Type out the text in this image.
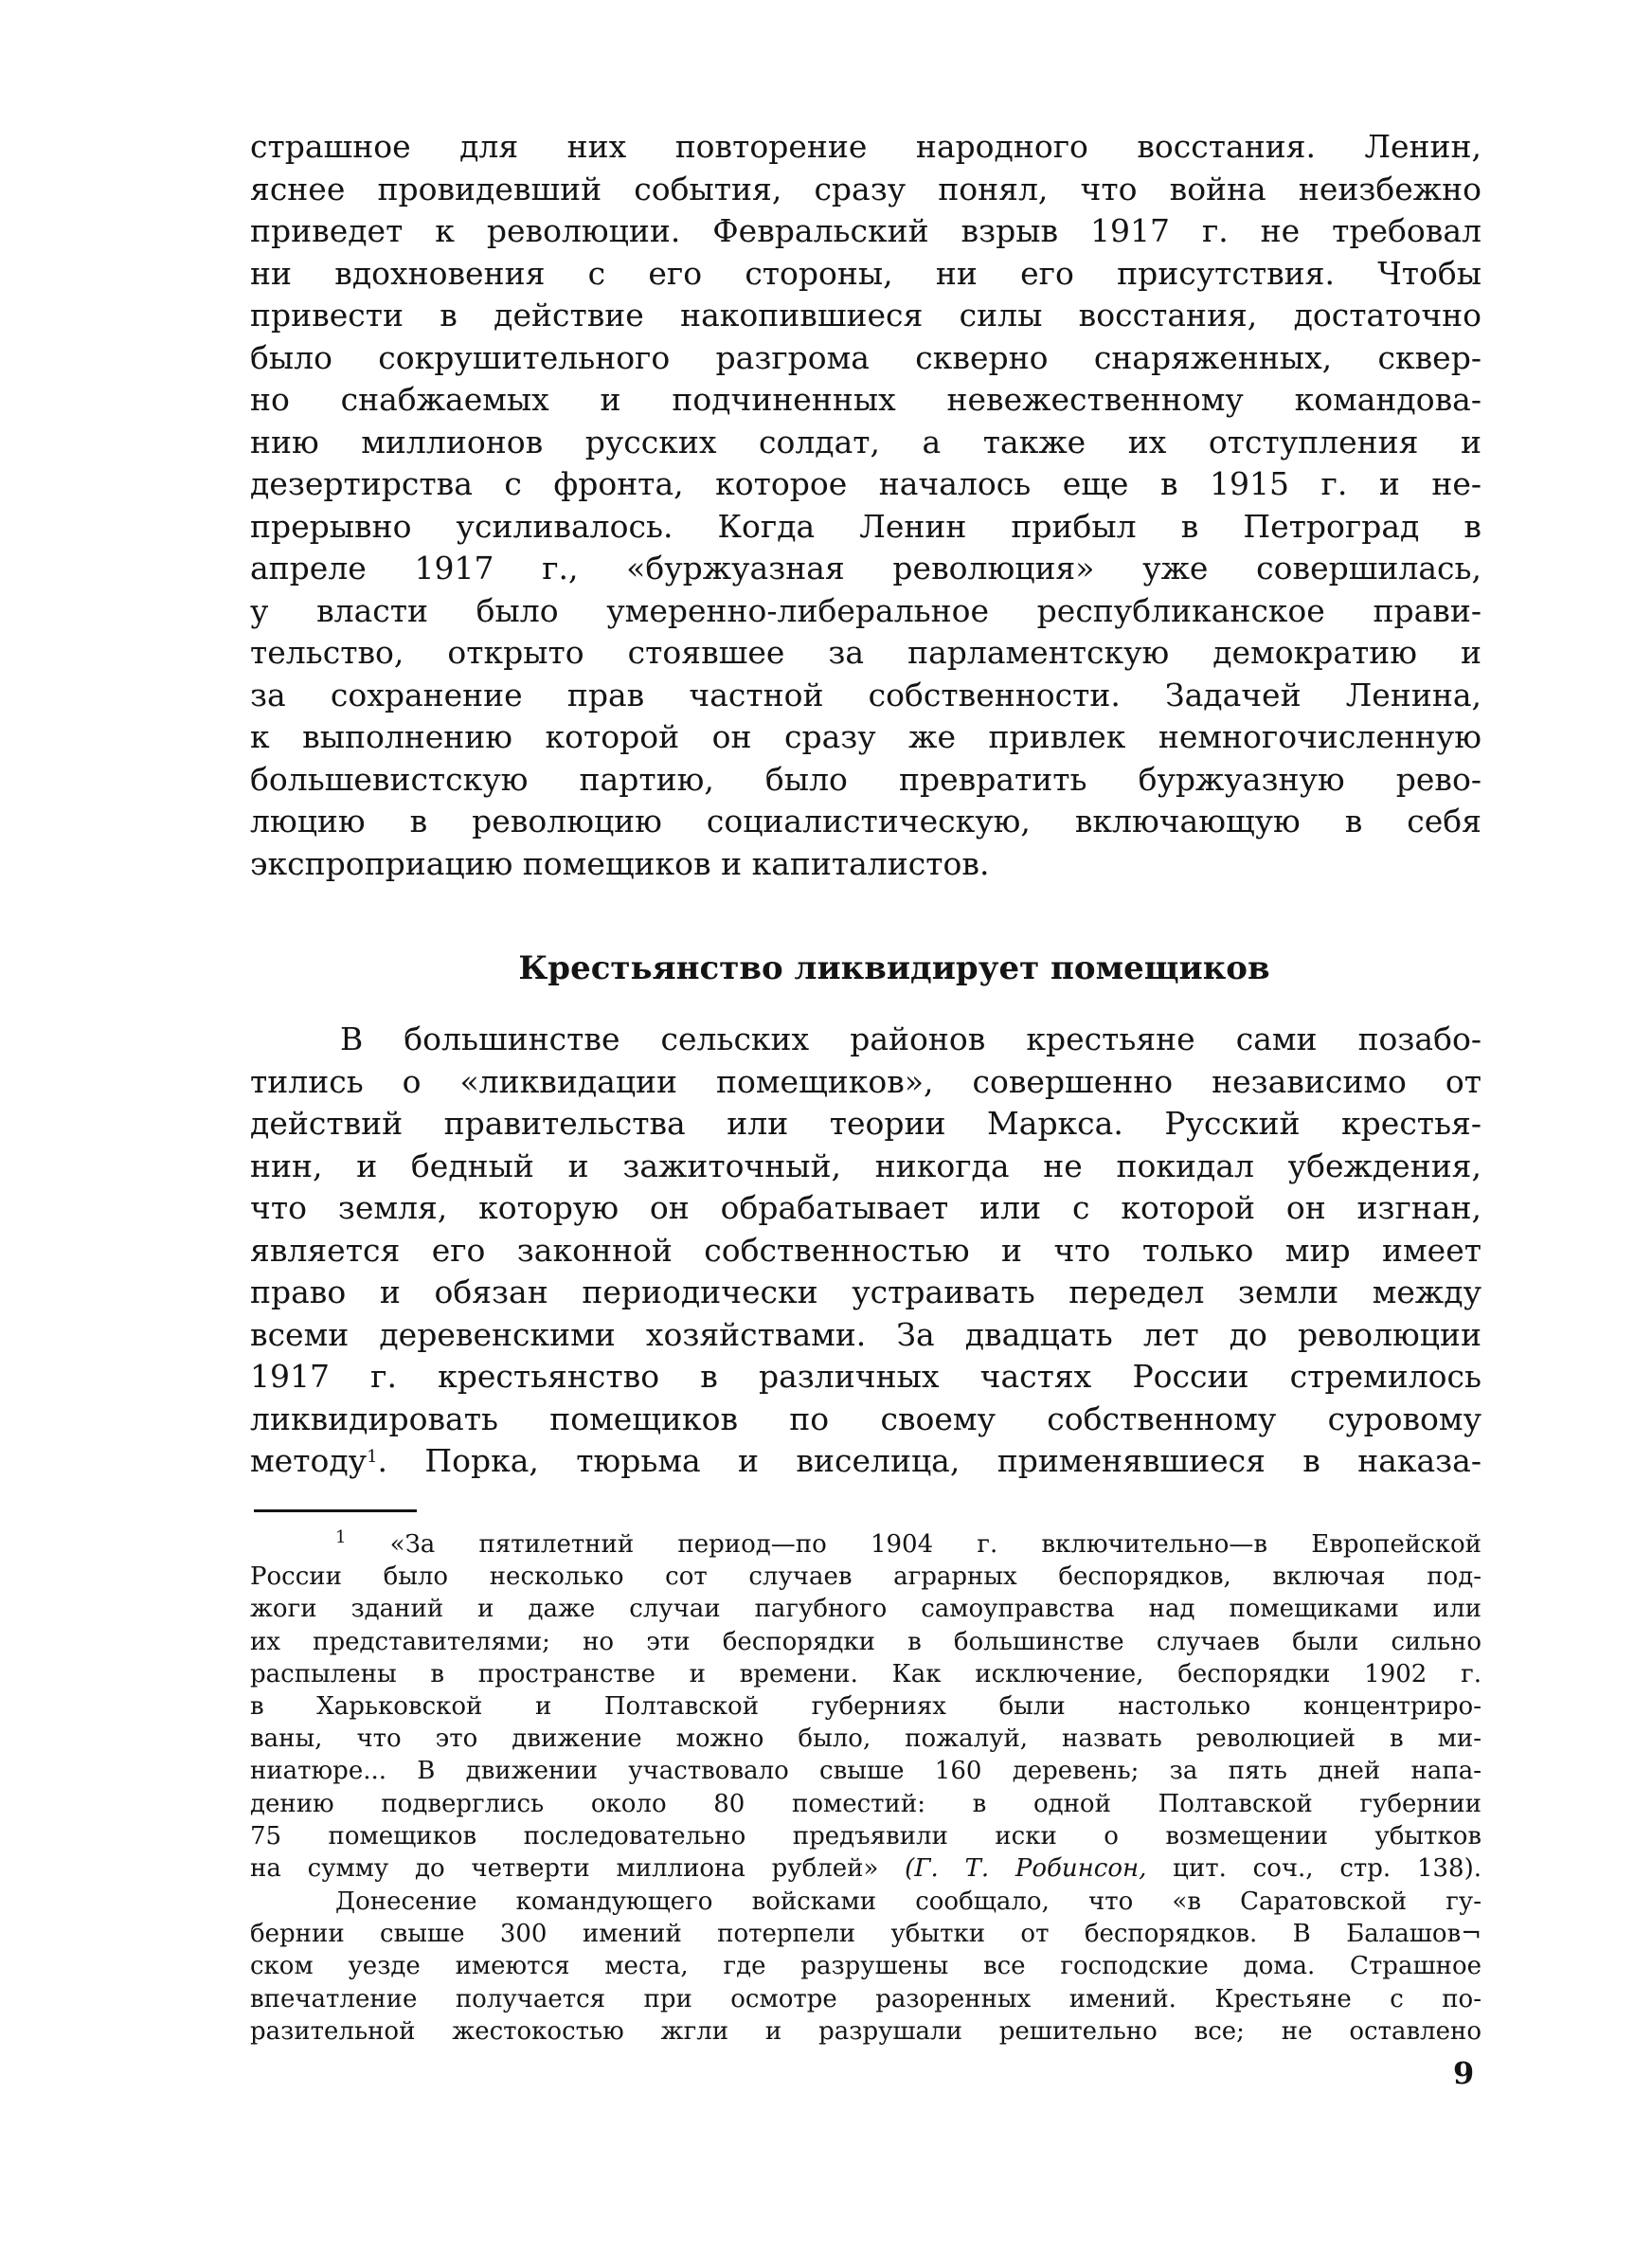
страшное для них повторение народного восстания. Ленин,
яснее провидевший события, сразу понял, что война неизбежно
приведет к революции. Февральский взрыв 1917 г. не требовал
ни вдохновения с его стороны, ни его присутствия. Чтобы
привести в действие накопившиеся силы восстания, достаточно
было сокрушительного разгрома скверно снаряженных, сквер-
но снабжаемых и подчиненных невежественному командова-
нию миллионов русских солдат, а также их отступления и
дезертирства с фронта, которое началось еще в 1915 г. и не-
прерывно усиливалось. Когда Ленин прибыл в Петроград в
апреле 1917 г., «буржуазная революция» уже совершилась,
у власти было умеренно-либеральное республиканское прави-
тельство, открыто стоявшее за парламентскую демократию и
за сохранение прав частной собственности. Задачей Ленина,
к выполнению которой он сразу же привлек немногочисленную
большевистскую партию, было превратить буржуазную рево-
люцию в революцию социалистическую, включающую в себя
экспроприацию помещиков и капиталистов.
Крестьянство ликвидирует помещиков
В большинстве сельских районов крестьяне сами позабо-
тились о «ликвидации помещиков», совершенно независимо от
действий правительства или теории Маркса. Русский крестья-
нин, и бедный и зажиточный, никогда не покидал убеждения,
что земля, которую он обрабатывает или с которой он изгнан,
является его законной собственностью и что только мир имеет
право и обязан периодически устраивать передел земли между
всеми деревенскими хозяйствами. За двадцать лет до революции
1917 г. крестьянство в различных частях России стремилось
ликвидировать помещиков по своему собственному суровому
методу$^1$. Порка, тюрьма и виселица, применявшиеся в наказа-
$^1$ «За пятилетний период—по 1904 г. включительно—в Европейской
России было несколько сот случаев аграрных беспорядков, включая под-
жоги зданий и даже случаи пагубного самоуправства над помещиками или
их представителями; но эти беспорядки в большинстве случаев были сильно
распылены в пространстве и времени. Как исключение, беспорядки 1902 г.
в Харьковской и Полтавской губерниях были настолько концентриро-
ваны, что это движение можно было, пожалуй, назвать революцией в ми-
ниатюре... В движении участвовало свыше 160 деревень; за пять дней напа-
дению подверглись около 80 поместий: в одной Полтавской губернии
75 помещиков последовательно предъявили иски о возмещении убытков
на сумму до четверти миллиона рублей» (Г. Т. Робинсон, цит. соч., стр. 138).
Донесение командующего войсками сообщало, что «в Саратовской гу-
бернии свыше 300 имений потерпели убытки от беспорядков. В Балашов¬
ском уезде имеются места, где разрушены все господские дома. Страшное
впечатление получается при осмотре разоренных имений. Крестьяне с по-
разительной жестокостью жгли и разрушали решительно все; не оставлено
9
